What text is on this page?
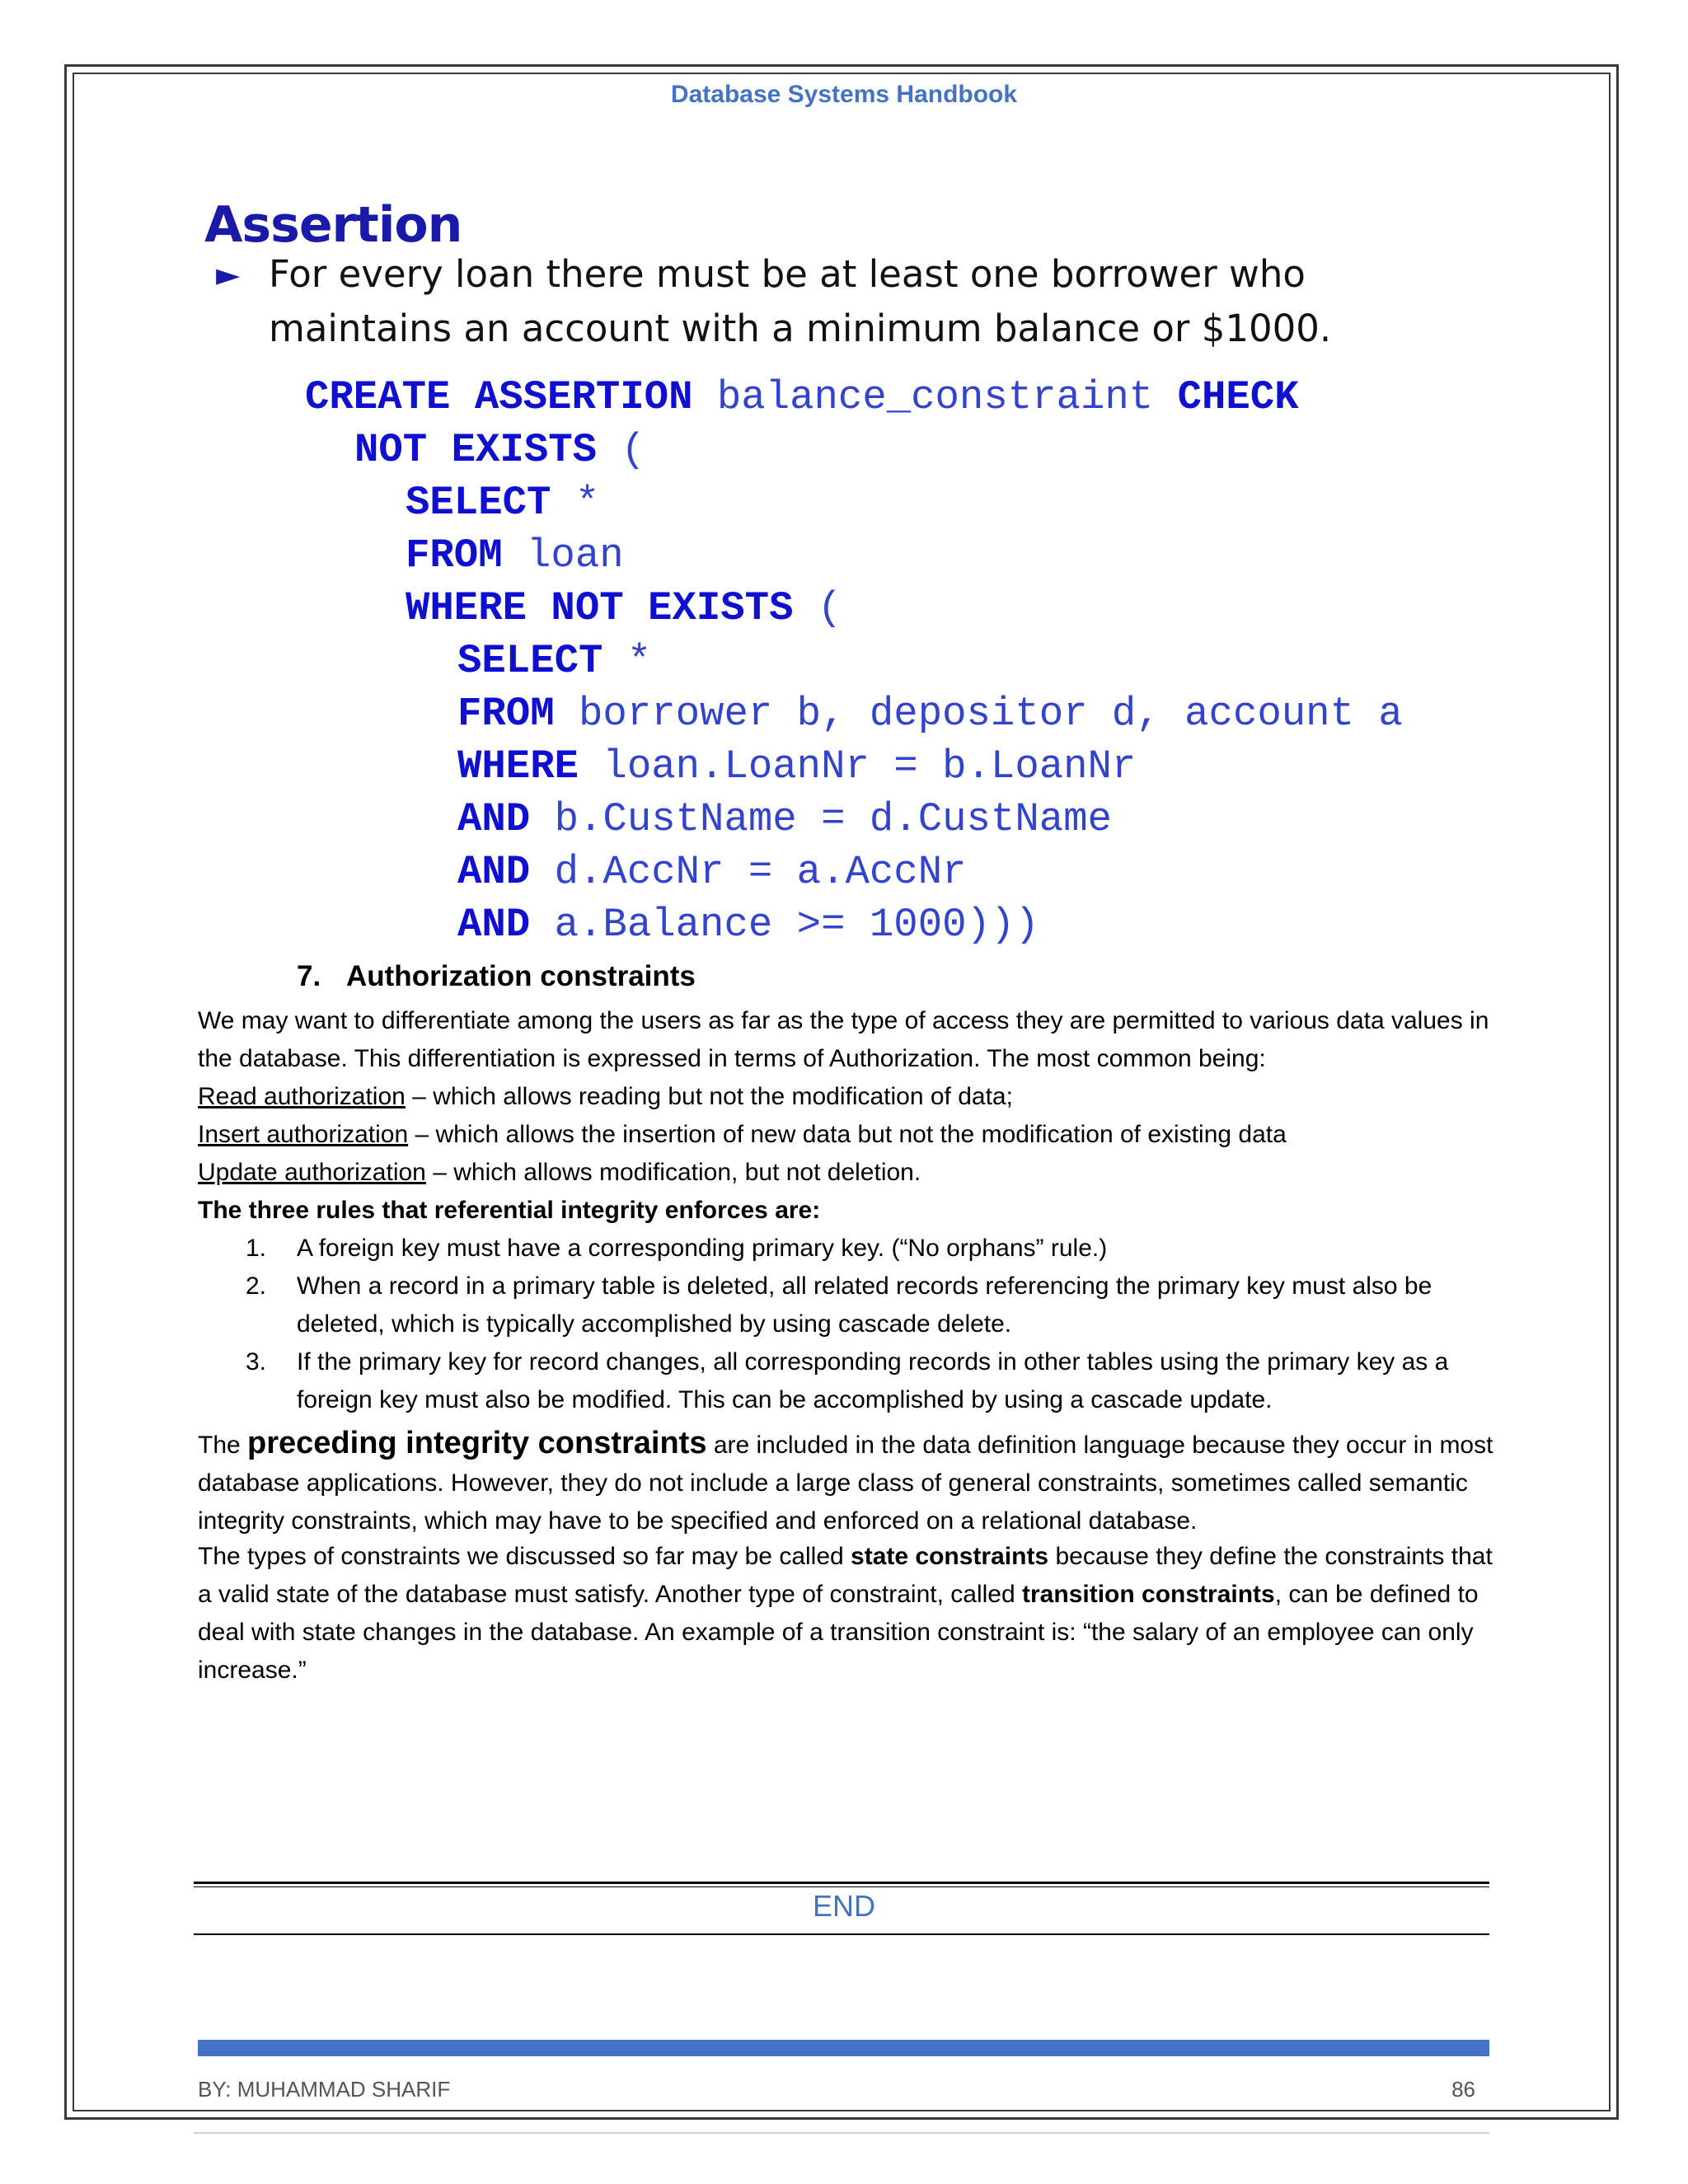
Database Systems Handbook
Assertion
► For every loan there must be at least one borrower who maintains an account with a minimum balance or $1000.

CREATE ASSERTION balance_constraint CHECK

NOT EXISTS (

SELECT *

FROM loan

WHERE NOT EXISTS (

SELECT *

FROM borrower b, depositor d, account a

WHERE loan.LoanNr = b.LoanNr

AND b.CustName = d.CustName

AND d.AccNr = a.AccNr

AND a.Balance >= 1000)))

7. Authorization constraints
We may want to differentiate among the users as far as the type of access they are permitted to various data values in the database. This differentiation is expressed in terms of Authorization. The most common being:
Read authorization – which allows reading but not the modification of data;
Insert authorization – which allows the insertion of new data but not the modification of existing data
Update authorization – which allows modification, but not deletion.
The three rules that referential integrity enforces are:
1. A foreign key must have a corresponding primary key. (“No orphans” rule.)
2. When a record in a primary table is deleted, all related records referencing the primary key must also be deleted, which is typically accomplished by using cascade delete.
3. If the primary key for record changes, all corresponding records in other tables using the primary key as a foreign key must also be modified. This can be accomplished by using a cascade update.
The preceding integrity constraints are included in the data definition language because they occur in most database applications. However, they do not include a large class of general constraints, sometimes called semantic integrity constraints, which may have to be specified and enforced on a relational database.
The types of constraints we discussed so far may be called state constraints because they define the constraints that a valid state of the database must satisfy. Another type of constraint, called transition constraints, can be defined to deal with state changes in the database. An example of a transition constraint is: “the salary of an employee can only increase.”
END
BY: MUHAMMAD SHARIF	86
